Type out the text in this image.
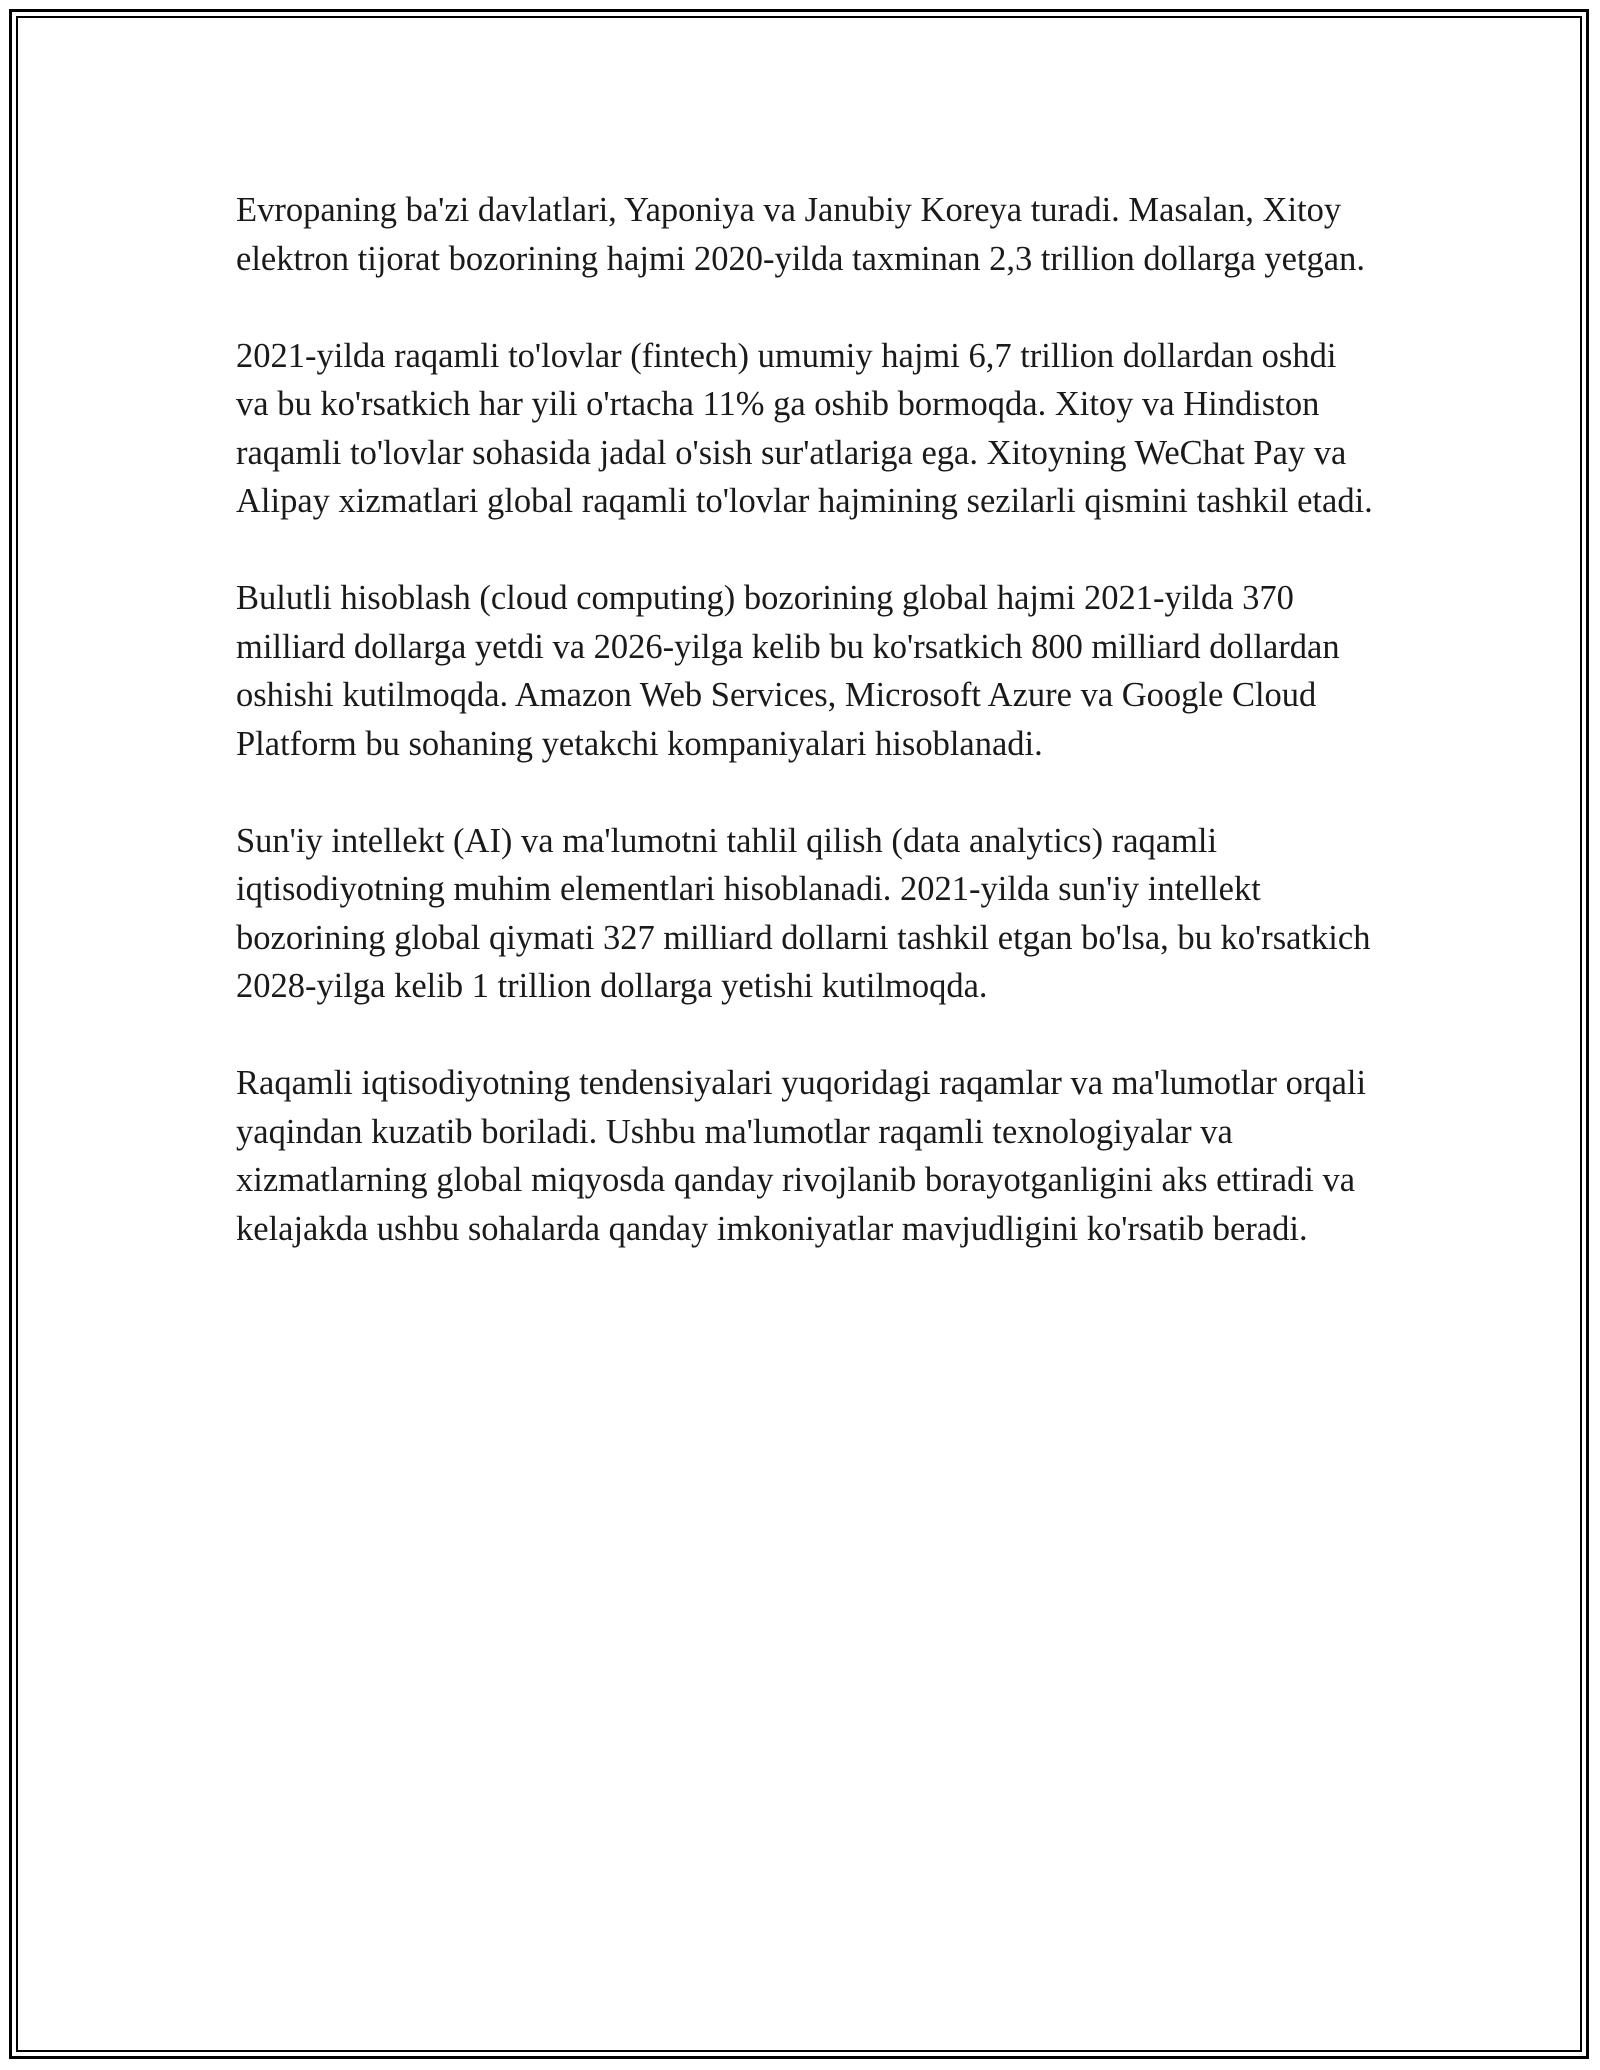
Evropaning ba'zi davlatlari, Yaponiya va Janubiy Koreya turadi. Masalan, Xitoy elektron tijorat bozorining hajmi 2020-yilda taxminan 2,3 trillion dollarga yetgan.

2021-yilda raqamli to'lovlar (fintech) umumiy hajmi 6,7 trillion dollardan oshdi va bu ko'rsatkich har yili o'rtacha 11% ga oshib bormoqda. Xitoy va Hindiston raqamli to'lovlar sohasida jadal o'sish sur'atlariga ega. Xitoyning WeChat Pay va Alipay xizmatlari global raqamli to'lovlar hajmining sezilarli qismini tashkil etadi.

Bulutli hisoblash (cloud computing) bozorining global hajmi 2021-yilda 370 milliard dollarga yetdi va 2026-yilga kelib bu ko'rsatkich 800 milliard dollardan oshishi kutilmoqda. Amazon Web Services, Microsoft Azure va Google Cloud Platform bu sohaning yetakchi kompaniyalari hisoblanadi.

Sun'iy intellekt (AI) va ma'lumotni tahlil qilish (data analytics) raqamli iqtisodiyotning muhim elementlari hisoblanadi. 2021-yilda sun'iy intellekt bozorining global qiymati 327 milliard dollarni tashkil etgan bo'lsa, bu ko'rsatkich 2028-yilga kelib 1 trillion dollarga yetishi kutilmoqda.

Raqamli iqtisodiyotning tendensiyalari yuqoridagi raqamlar va ma'lumotlar orqali yaqindan kuzatib boriladi. Ushbu ma'lumotlar raqamli texnologiyalar va xizmatlarning global miqyosda qanday rivojlanib borayotganligini aks ettiradi va kelajakda ushbu sohalarda qanday imkoniyatlar mavjudligini ko'rsatib beradi.
